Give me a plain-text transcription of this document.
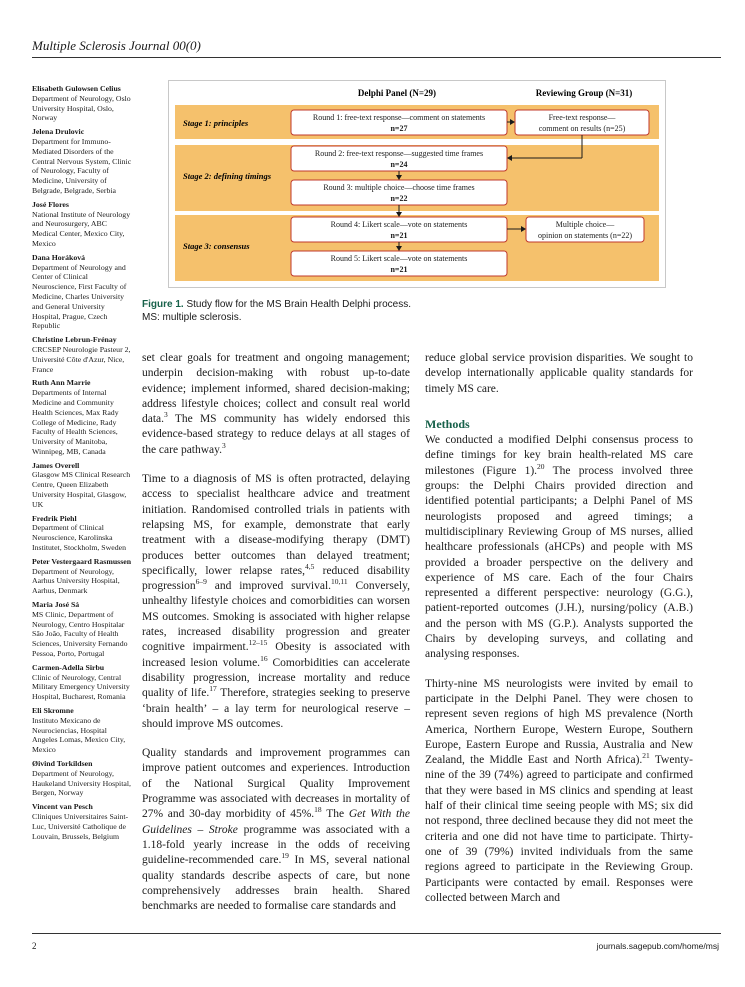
Multiple Sclerosis Journal 00(0)
Elisabeth Gulowsen Celius
Department of Neurology, Oslo University Hospital, Oslo, Norway
Jelena Drulovic
Department for Immuno-Mediated Disorders of the Central Nervous System, Clinic of Neurology, Faculty of Medicine, University of Belgrade, Belgrade, Serbia
José Flores
National Institute of Neurology and Neurosurgery, ABC Medical Center, Mexico City, Mexico
Dana Horáková
Department of Neurology and Center of Clinical Neuroscience, First Faculty of Medicine, Charles University and General University Hospital, Prague, Czech Republic
Christine Lebrun-Frénay
CRCSEP Neurologie Pasteur 2, Université Côte d'Azur, Nice, France
Ruth Ann Marrie
Departments of Internal Medicine and Community Health Sciences, Max Rady College of Medicine, Rady Faculty of Health Sciences, University of Manitoba, Winnipeg, MB, Canada
James Overell
Glasgow MS Clinical Research Centre, Queen Elizabeth University Hospital, Glasgow, UK
Fredrik Piehl
Department of Clinical Neuroscience, Karolinska Institutet, Stockholm, Sweden
Peter Vestergaard Rasmussen
Department of Neurology, Aarhus University Hospital, Aarhus, Denmark
Maria José Sá
MS Clinic, Department of Neurology, Centro Hospitalar São João, Faculty of Health Sciences, University Fernando Pessoa, Porto, Portugal
Carmen-Adella Sirbu
Clinic of Neurology, Central Military Emergency University Hospital, Bucharest, Romania
Eli Skromne
Instituto Mexicano de Neurociencias, Hospital Angeles Lomas, Mexico City, Mexico
Øivind Torkildsen
Department of Neurology, Haukeland University Hospital, Bergen, Norway
Vincent van Pesch
Cliniques Universitaires Saint-Luc, Université Catholique de Louvain, Brussels, Belgium
Delphi Panel (N=29)	Reviewing Group (N=31)
Stage 1: principles
Stage 2: defining timings
Stage 3: consensus
Round 1: free-text response—comment on statements
n=27
Free-text response—
comment on results (n=25)
Round 2: free-text response—suggested time frames
n=24
Round 3: multiple choice—choose time frames
n=22
Round 4: Likert scale—vote on statements
n=21
Multiple choice—
opinion on statements (n=22)
Round 5: Likert scale—vote on statements
n=21
Figure 1. Study flow for the MS Brain Health Delphi process.
MS: multiple sclerosis.

set clear goals for treatment and ongoing management; underpin decision-making with robust up-to-date evidence; implement informed, shared decision-making; address lifestyle choices; collect and consult real world data.$^3$ The MS community has widely endorsed this evidence-based strategy to reduce delays at all stages of the care pathway.$^3$

Time to a diagnosis of MS is often protracted, delaying access to specialist healthcare advice and treatment initiation. Randomised controlled trials in patients with relapsing MS, for example, demonstrate that early treatment with a disease-modifying therapy (DMT) produces better outcomes than delayed treatment; specifically, lower relapse rates,$^{4,5}$ reduced disability progression$^{6-9}$ and improved survival.$^{10,11}$ Conversely, unhealthy lifestyle choices and comorbidities can worsen MS outcomes. Smoking is associated with higher relapse rates, increased disability progression and greater cognitive impairment.$^{12-15}$ Obesity is associated with increased lesion volume.$^{16}$ Comorbidities can accelerate disability progression, increase mortality and reduce quality of life.$^{17}$ Therefore, strategies seeking to preserve ‘brain health’ – a lay term for neurological reserve – should improve MS outcomes.

Quality standards and improvement programmes can improve patient outcomes and experiences. Introduction of the National Surgical Quality Improvement Programme was associated with decreases in mortality of 27% and 30-day morbidity of 45%.$^{18}$ The Get With the Guidelines – Stroke programme was associated with a 1.18-fold yearly increase in the odds of receiving guideline-recommended care.$^{19}$ In MS, several national quality standards describe aspects of care, but none comprehensively addresses brain health. Shared benchmarks are needed to formalise care standards and

reduce global service provision disparities. We sought to develop internationally applicable quality standards for timely MS care.

Methods

We conducted a modified Delphi consensus process to define timings for key brain health-related MS care milestones (Figure 1).$^{20}$ The process involved three groups: the Delphi Chairs provided direction and identified potential participants; a Delphi Panel of MS neurologists proposed and agreed timings; a multidisciplinary Reviewing Group of MS nurses, allied healthcare professionals (aHCPs) and people with MS provided a broader perspective on the delivery and experience of MS care. Each of the four Chairs represented a different perspective: neurology (G.G.), patient-reported outcomes (J.H.), nursing/policy (A.B.) and the person with MS (G.P.). Analysts supported the Chairs by developing surveys, and collating and analysing responses.

Thirty-nine MS neurologists were invited by email to participate in the Delphi Panel. They were chosen to represent seven regions of high MS prevalence (North America, Northern Europe, Western Europe, Southern Europe, Eastern Europe and Russia, Australia and New Zealand, the Middle East and North Africa).$^{21}$ Twenty-nine of the 39 (74%) agreed to participate and confirmed that they were based in MS clinics and spending at least half of their clinical time seeing people with MS; six did not respond, three declined because they did not meet the criteria and one did not have time to participate. Thirty-one of 39 (79%) invited individuals from the same regions agreed to participate in the Reviewing Group. Participants were contacted by email. Responses were collected between March and

2	journals.sagepub.com/home/msj
